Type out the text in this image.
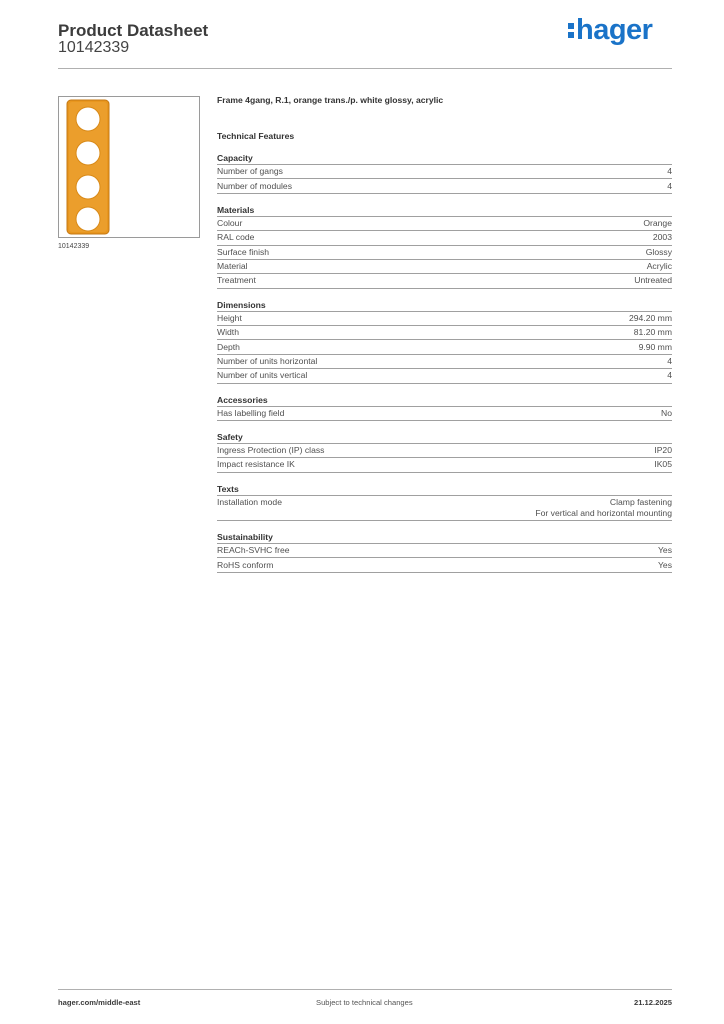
Product Datasheet
10142339
hager
10142339
Frame 4gang, R.1, orange trans./p. white glossy, acrylic
Technical Features
Capacity
Number of gangs	4
Number of modules	4
Materials
Colour	Orange
RAL code	2003
Surface finish	Glossy
Material	Acrylic
Treatment	Untreated
Dimensions
Height	294.20 mm
Width	81.20 mm
Depth	9.90 mm
Number of units horizontal	4
Number of units vertical	4
Accessories
Has labelling field	No
Safety
Ingress Protection (IP) class	IP20
Impact resistance IK	IK05
Texts
Installation mode	Clamp fastening
For vertical and horizontal mounting
Sustainability
REACh-SVHC free	Yes
RoHS conform	Yes
hager.com/middle-east	Subject to technical changes	21.12.2025
